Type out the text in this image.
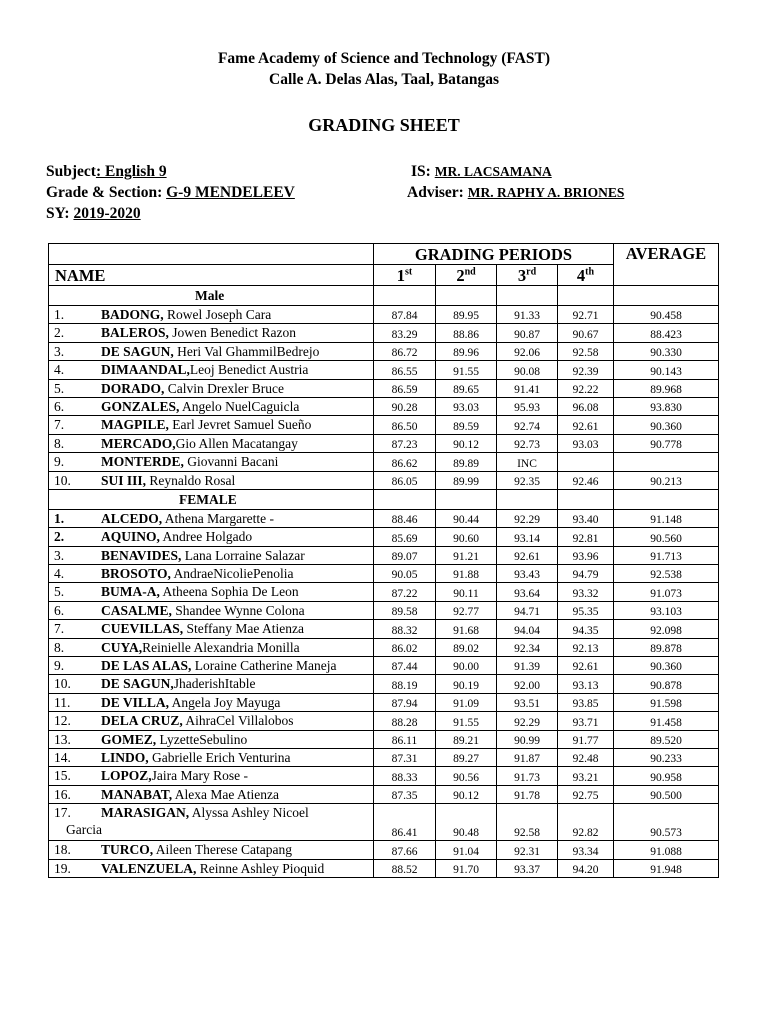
Fame Academy of Science and Technology (FAST)
Calle A. Delas Alas, Taal, Batangas
GRADING SHEET
Subject: English 9
Grade & Section: G-9 MENDELEEV
SY: 2019-2020
IS: MR. LACSAMANA
Adviser: MR. RAPHY A. BRIONES
	GRADING PERIODS				AVERAGE
NAME	1st	2nd	3rd	4th
Male					

1. BADONG, Rowel Joseph Cara	87.84	89.95	91.33	92.71	90.458

2. BALEROS, Jowen Benedict Razon	83.29	88.86	90.87	90.67	88.423

3. DE SAGUN, Heri Val GhammilBedrejo	86.72	89.96	92.06	92.58	90.330

4. DIMAANDAL,Leoj Benedict Austria	86.55	91.55	90.08	92.39	90.143

5. DORADO, Calvin Drexler Bruce	86.59	89.65	91.41	92.22	89.968

6. GONZALES, Angelo NuelCaguicla	90.28	93.03	95.93	96.08	93.830

7. MAGPILE, Earl Jevret Samuel Sueño	86.50	89.59	92.74	92.61	90.360

8. MERCADO,Gio Allen Macatangay	87.23	90.12	92.73	93.03	90.778

9. MONTERDE, Giovanni Bacani	86.62	89.89	INC		

10. SUI III, Reynaldo Rosal	86.05	89.99	92.35	92.46	90.213
FEMALE					

1. ALCEDO, Athena Margarette -	88.46	90.44	92.29	93.40	91.148

2. AQUINO, Andree Holgado	85.69	90.60	93.14	92.81	90.560

3. BENAVIDES, Lana Lorraine Salazar	89.07	91.21	92.61	93.96	91.713

4. BROSOTO, AndraeNicoliePenolia	90.05	91.88	93.43	94.79	92.538

5. BUMA-A, Atheena Sophia De Leon	87.22	90.11	93.64	93.32	91.073

6. CASALME, Shandee Wynne Colona	89.58	92.77	94.71	95.35	93.103

7. CUEVILLAS, Steffany Mae Atienza	88.32	91.68	94.04	94.35	92.098

8. CUYA,Reinielle Alexandria Monilla	86.02	89.02	92.34	92.13	89.878

9. DE LAS ALAS, Loraine Catherine Maneja	87.44	90.00	91.39	92.61	90.360

10. DE SAGUN,JhaderishItable	88.19	90.19	92.00	93.13	90.878

11. DE VILLA, Angela Joy Mayuga	87.94	91.09	93.51	93.85	91.598

12. DELA CRUZ, AihraCel Villalobos	88.28	91.55	92.29	93.71	91.458

13. GOMEZ, LyzetteSebulino	86.11	89.21	90.99	91.77	89.520

14. LINDO, Gabrielle Erich Venturina	87.31	89.27	91.87	92.48	90.233

15. LOPOZ,Jaira Mary Rose -	88.33	90.56	91.73	93.21	90.958

16. MANABAT, Alexa Mae Atienza	87.35	90.12	91.78	92.75	90.500

17. MARASIGAN, Alyssa Ashley Nicoel
Garcia	86.41	90.48	92.58	92.82	90.573

18. TURCO, Aileen Therese Catapang	87.66	91.04	92.31	93.34	91.088

19. VALENZUELA, Reinne Ashley Pioquid	88.52	91.70	93.37	94.20	91.948
